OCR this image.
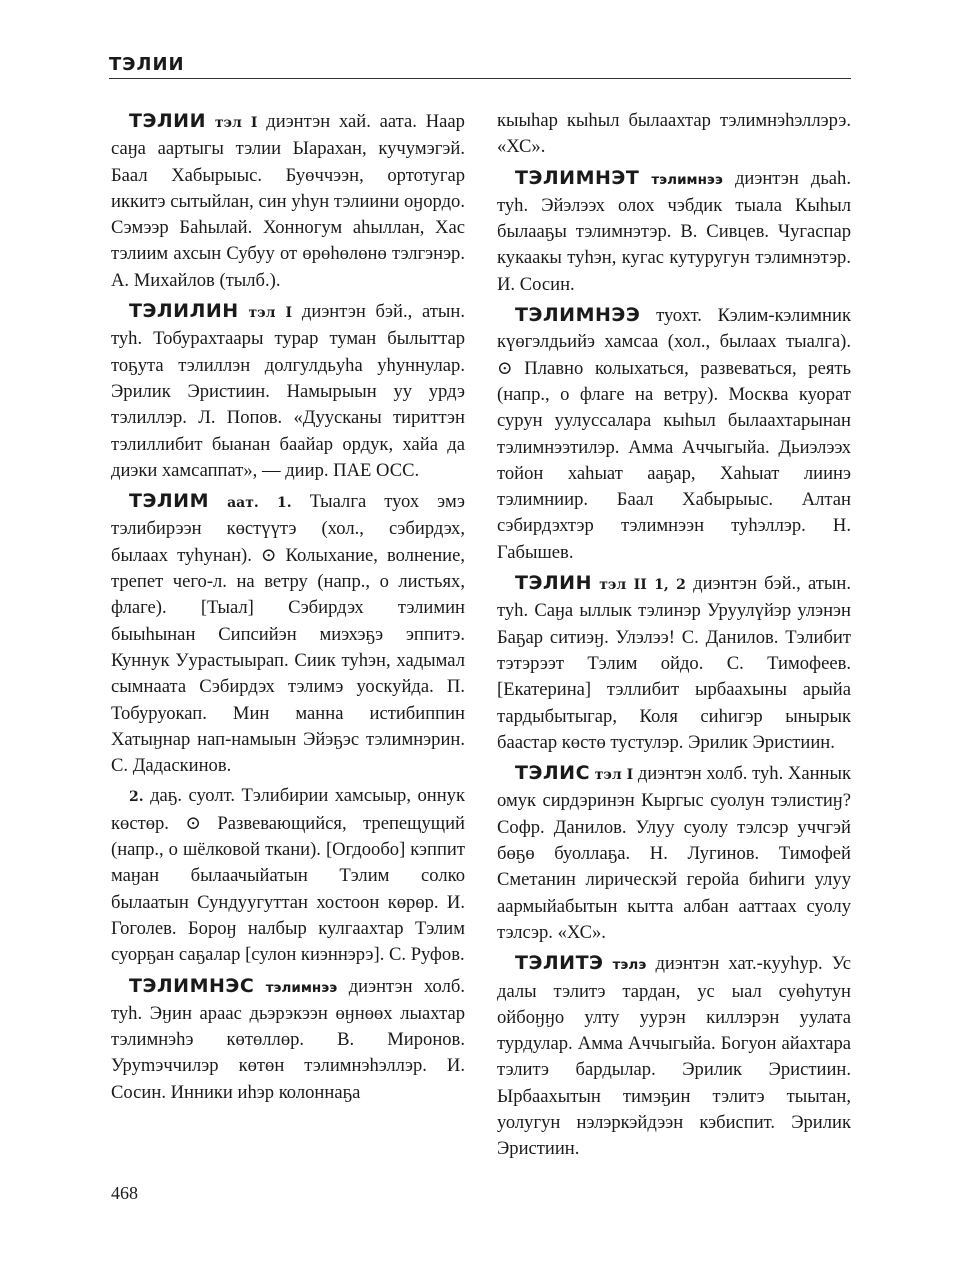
ТЭЛИИ

ТЭЛИИ тэл I диэнтэн хай. аата. Наар саӈа аартыгы тэлии Ыарахан, кучумэгэй. Баал Хабырыыс. Буөччээн, ортотугар иккитэ сытыйлан, син уһун тэлиини оӈордо. Сэмээр Баһылай. Хонногум аһыллан, Хас тэлиим ахсын Субуу от өрөһөлөнө тэлгэнэр. А. Михайлов (тылб.).

ТЭЛИЛИН тэл I диэнтэн бэй., атын. туһ. Тобурахтаары турар туман былыттар тоҕута тэлиллэн долгулдьуһа уһуннулар. Эрилик Эристиин. Намырыын уу урдэ тэлиллэр. Л. Попов. «Дуусканы тириттэн тэлиллибит быанан баайар ордук, хайа да диэки хамсаппат», — диир. ПАЕ ОСС.

ТЭЛИМ аат. 1. Тыалга туох эмэ тэлибирээн көстүүтэ (хол., сэбирдэх, былаах туһунан). ⊙ Колыхание, волнение, трепет чего-л. на ветру (напр., о листьях, флаге). [Тыал] Сэбирдэх тэлимин быыһынан Сипсийэн миэхэҕэ эппитэ. Куннук Уурастыырап. Сиик туһэн, хадымал сымнаата Сэбирдэх тэлимэ уоскуйда. П. Тобуруокап. Мин манна истибиппин Хатыӈнар нап-намыын Эйэҕэс тэлимнэрин. С. Дадаскинов.

2. даҕ. суолт. Тэлибирии хамсыыр, оннук көстөр. ⊙ Развевающийся, трепещущий (напр., о шёлковой ткани). [Огдообо] кэппит маӈан былаачыйатын Тэлим солко былаатын Сундуугуттан хостоон көрөр. И. Гоголев. Бороӈ налбыр кулгаахтар Тэлим суорҕан саҕалар [сулон киэннэрэ]. С. Руфов.

ТЭЛИМНЭС тэлимнээ диэнтэн холб. туһ. Эӈин араас дьэрэкээн өӈнөөх лыахтар тэлимнэһэ көтөллөр. В. Миронов. Уруmэччилэр көтөн тэлимнэһэллэр. И. Сосин. Инники иһэр колоннаҕа

кыыһар кыһыл былаахтар тэлимнэһэллэрэ. «ХС».

ТЭЛИМНЭТ тэлимнээ диэнтэн дьаһ. туһ. Эйэлээх олох чэбдик тыала Кыһыл былааҕы тэлимнэтэр. В. Сивцев. Чугаспар кукаакы туһэн, кугас кутуругун тэлимнэтэр. И. Сосин.

ТЭЛИМНЭЭ туохт. Кэлим-кэлимник күөгэлдьийэ хамсаа (хол., былаах тыалга). ⊙ Плавно колыхаться, развеваться, реять (напр., о флаге на ветру). Москва куорат сурун уулуссалара кыһыл былаахтарынан тэлимнээтилэр. Амма Аччыгыйа. Дьиэлээх тойон хаһыат ааҕар, Хаһыат лиинэ тэлимниир. Баал Хабырыыс. Алтан сэбирдэхтэр тэлимнээн туһэллэр. Н. Габышев.

ТЭЛИН тэл II 1, 2 диэнтэн бэй., атын. туһ. Саӈа ыллык тэлинэр Уруулүйэр улэнэн Баҕар ситиэӈ. Улэлээ! С. Данилов. Тэлибит тэтэрээт Тэлим ойдо. С. Тимофеев. [Екатерина] тэллибит ырбаахыны арыйа тардыбытыгар, Коля сиһигэр ынырык баастар көстө тустулэр. Эрилик Эристиин.

ТЭЛИС тэл I диэнтэн холб. туһ. Ханнык омук сирдэринэн Кыргыс суолун тэлистиӈ? Софр. Данилов. Улуу суолу тэлсэр уччгэй бөҕө буоллаҕа. Н. Лугинов. Тимофей Сметанин лирическэй геройа биһиги улуу аармыйабытын кытта албан ааттаах суолу тэлсэр. «ХС».

ТЭЛИТЭ тэлэ диэнтэн хат.-кууһур. Ус далы тэлитэ тардан, ус ыал суөһутун ойбоӈӈо улту уурэн киллэрэн уулата турдулар. Амма Аччыгыйа. Богуон айахтара тэлитэ бардылар. Эрилик Эристиин. Ырбаахытын тимэҕин тэлитэ тыытан, уолугун нэлэркэйдээн кэбиспит. Эрилик Эристиин.

468
